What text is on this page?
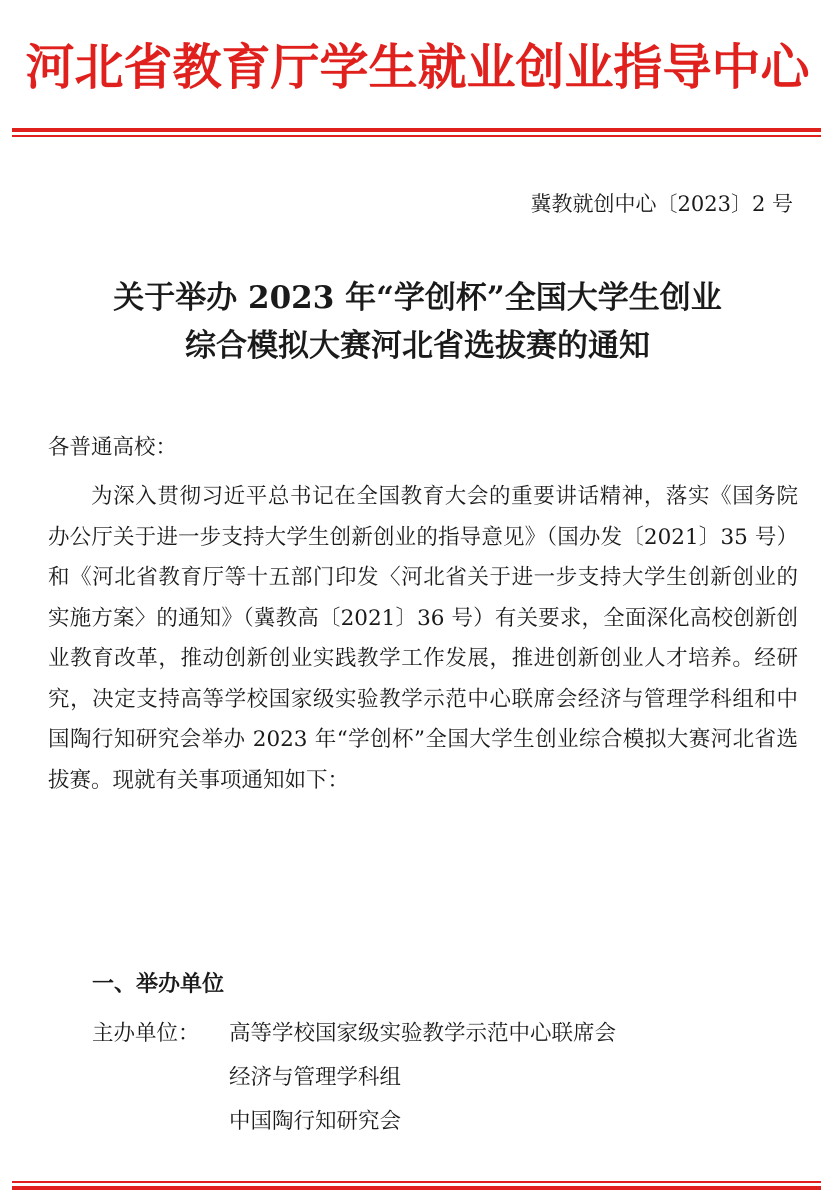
河北省教育厅学生就业创业指导中心
冀教就创中心〔2023〕2 号
关于举办 2023 年“学创杯”全国大学生创业
综合模拟大赛河北省选拔赛的通知
各普通高校：
为深入贯彻习近平总书记在全国教育大会的重要讲话精神，落实《国务院办公厅关于进一步支持大学生创新创业的指导意见》（国办发〔2021〕35 号）和《河北省教育厅等十五部门印发〈河北省关于进一步支持大学生创新创业的实施方案〉的通知》（冀教高〔2021〕36 号）有关要求，全面深化高校创新创业教育改革，推动创新创业实践教学工作发展，推进创新创业人才培养。经研究，决定支持高等学校国家级实验教学示范中心联席会经济与管理学科组和中国陶行知研究会举办 2023 年“学创杯”全国大学生创业综合模拟大赛河北省选拔赛。现就有关事项通知如下：
一、举办单位
主办单位： 高等学校国家级实验教学示范中心联席会
经济与管理学科组
中国陶行知研究会
